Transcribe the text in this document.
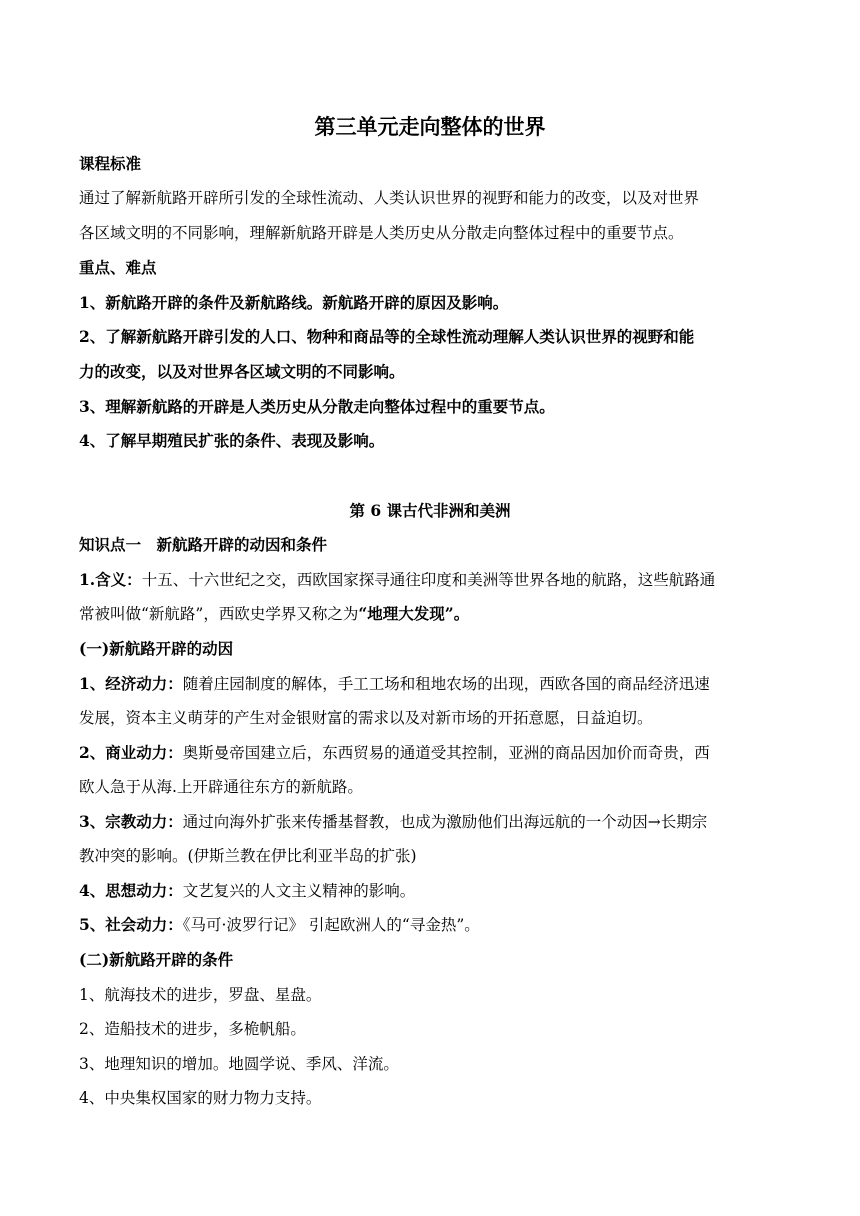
第三单元走向整体的世界
课程标准
通过了解新航路开辟所引发的全球性流动、人类认识世界的视野和能力的改变，以及对世界
各区域文明的不同影响，理解新航路开辟是人类历史从分散走向整体过程中的重要节点。
重点、难点
1、新航路开辟的条件及新航路线。新航路开辟的原因及影响。
2、了解新航路开辟引发的人口、物种和商品等的全球性流动理解人类认识世界的视野和能
力的改变，以及对世界各区域文明的不同影响。
3、理解新航路的开辟是人类历史从分散走向整体过程中的重要节点。
4、了解早期殖民扩张的条件、表现及影响。
第 6 课古代非洲和美洲
知识点一　新航路开辟的动因和条件
1.含义：十五、十六世纪之交，西欧国家探寻通往印度和美洲等世界各地的航路，这些航路通
常被叫做“新航路”，西欧史学界又称之为“地理大发现”。
(一)新航路开辟的动因
1、经济动力：随着庄园制度的解体，手工工场和租地农场的出现，西欧各国的商品经济迅速
发展，资本主义萌芽的产生对金银财富的需求以及对新市场的开拓意愿，日益迫切。
2、商业动力：奥斯曼帝国建立后，东西贸易的通道受其控制，亚洲的商品因加价而奇贵，西
欧人急于从海.上开辟通往东方的新航路。
3、宗教动力：通过向海外扩张来传播基督教，也成为激励他们出海远航的一个动因→长期宗
教冲突的影响。(伊斯兰教在伊比利亚半岛的扩张)
4、思想动力：文艺复兴的人文主义精神的影响。
5、社会动力：《马可·波罗行记》 引起欧洲人的“寻金热”。
(二)新航路开辟的条件
1、航海技术的进步，罗盘、星盘。
2、造船技术的进步，多桅帆船。
3、地理知识的增加。地圆学说、季风、洋流。
4、中央集权国家的财力物力支持。
